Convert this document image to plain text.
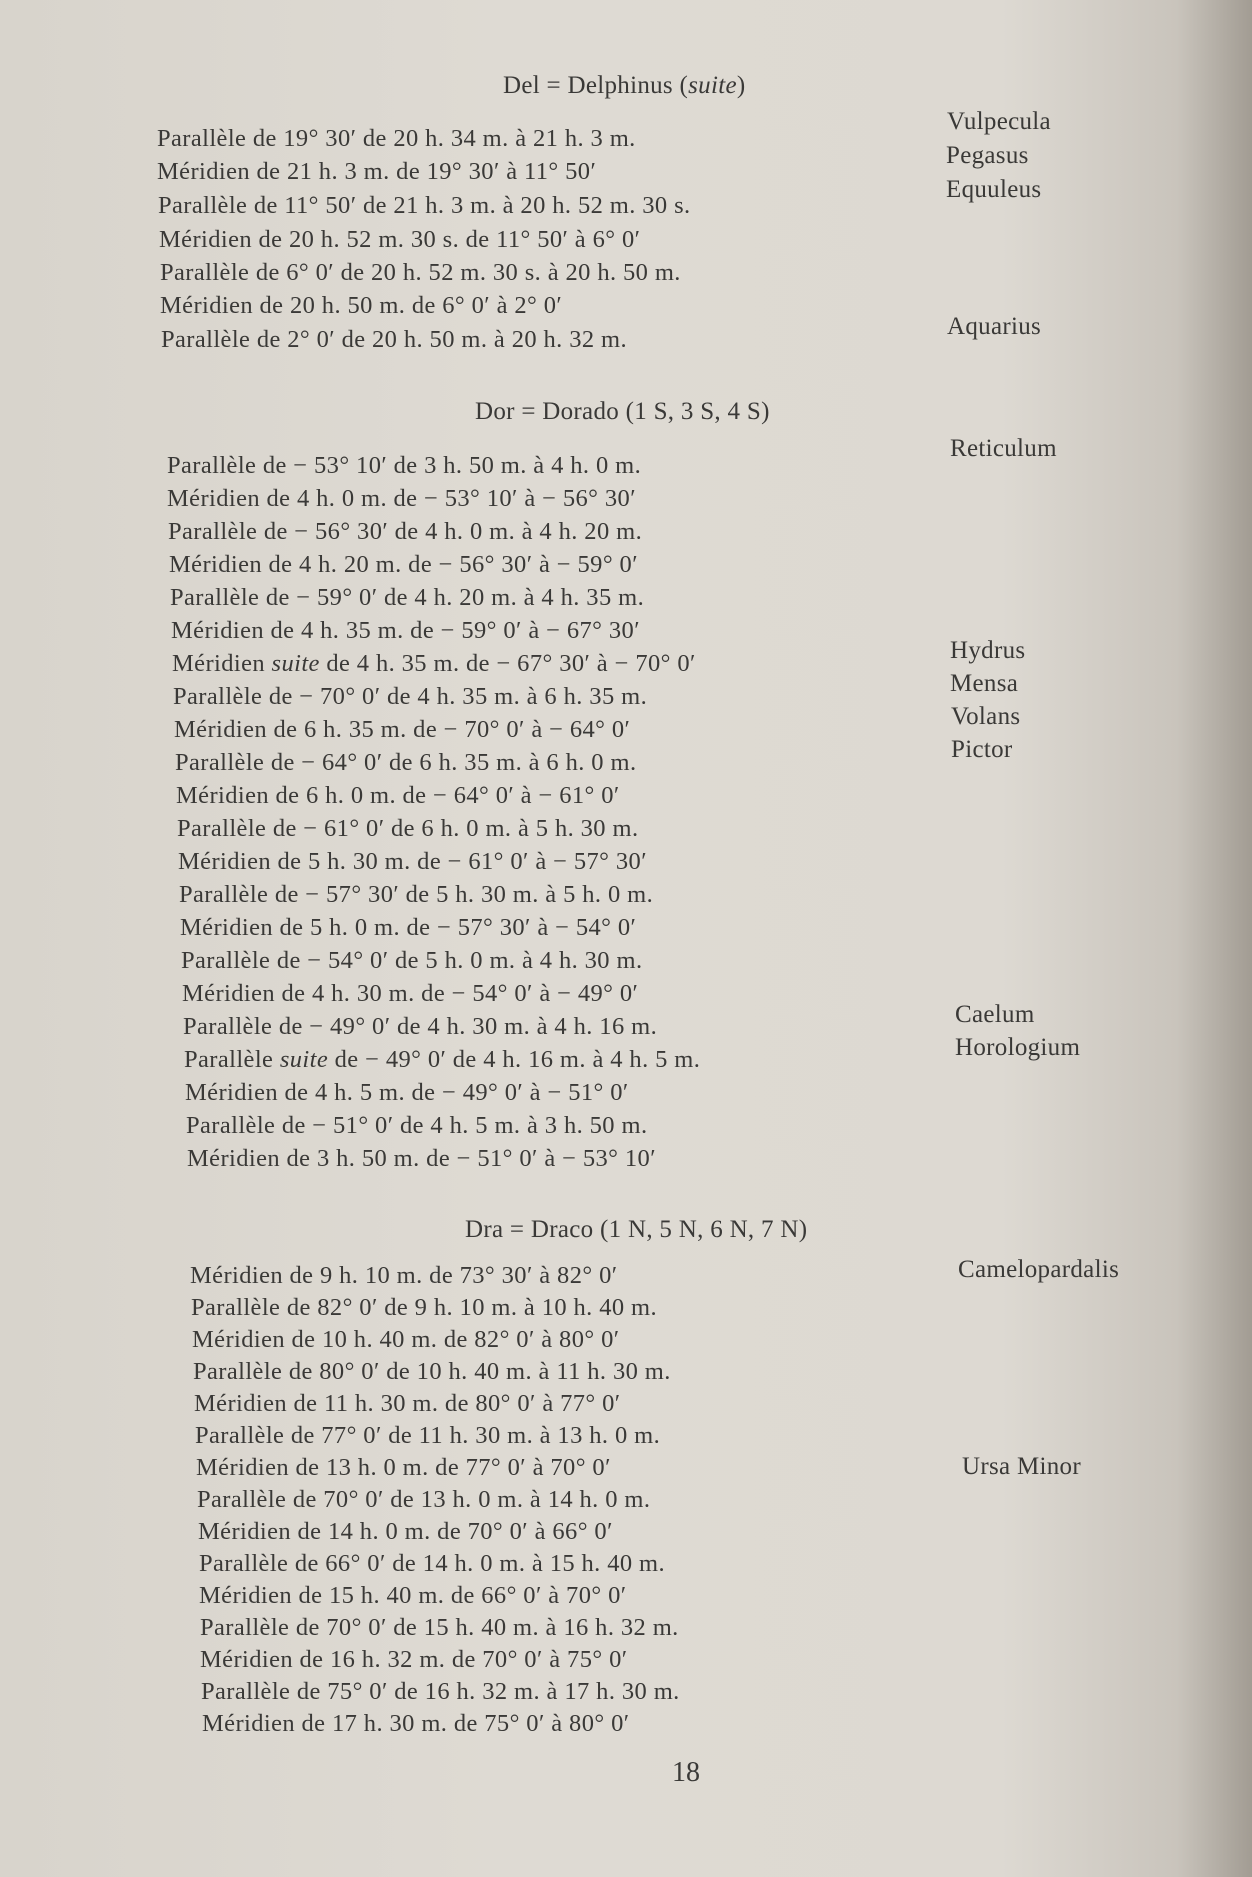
Del = Delphinus (suite)
Parallèle de 19° 30′ de 20 h. 34 m. à 21 h. 3 m.
Méridien de 21 h. 3 m. de 19° 30′ à 11° 50′
Parallèle de 11° 50′ de 21 h. 3 m. à 20 h. 52 m. 30 s.
Méridien de 20 h. 52 m. 30 s. de 11° 50′ à 6° 0′
Parallèle de 6° 0′ de 20 h. 52 m. 30 s. à 20 h. 50 m.
Méridien de 20 h. 50 m. de 6° 0′ à 2° 0′
Parallèle de 2° 0′ de 20 h. 50 m. à 20 h. 32 m.
Vulpecula
Pegasus
Equuleus
Aquarius
Dor = Dorado (1 S, 3 S, 4 S)
Parallèle de − 53° 10′ de 3 h. 50 m. à 4 h. 0 m.
Méridien de 4 h. 0 m. de − 53° 10′ à − 56° 30′
Parallèle de − 56° 30′ de 4 h. 0 m. à 4 h. 20 m.
Méridien de 4 h. 20 m. de − 56° 30′ à − 59° 0′
Parallèle de − 59° 0′ de 4 h. 20 m. à 4 h. 35 m.
Méridien de 4 h. 35 m. de − 59° 0′ à − 67° 30′
Méridien suite de 4 h. 35 m. de − 67° 30′ à − 70° 0′
Parallèle de − 70° 0′ de 4 h. 35 m. à 6 h. 35 m.
Méridien de 6 h. 35 m. de − 70° 0′ à − 64° 0′
Parallèle de − 64° 0′ de 6 h. 35 m. à 6 h. 0 m.
Méridien de 6 h. 0 m. de − 64° 0′ à − 61° 0′
Parallèle de − 61° 0′ de 6 h. 0 m. à 5 h. 30 m.
Méridien de 5 h. 30 m. de − 61° 0′ à − 57° 30′
Parallèle de − 57° 30′ de 5 h. 30 m. à 5 h. 0 m.
Méridien de 5 h. 0 m. de − 57° 30′ à − 54° 0′
Parallèle de − 54° 0′ de 5 h. 0 m. à 4 h. 30 m.
Méridien de 4 h. 30 m. de − 54° 0′ à − 49° 0′
Parallèle de − 49° 0′ de 4 h. 30 m. à 4 h. 16 m.
Parallèle suite de − 49° 0′ de 4 h. 16 m. à 4 h. 5 m.
Méridien de 4 h. 5 m. de − 49° 0′ à − 51° 0′
Parallèle de − 51° 0′ de 4 h. 5 m. à 3 h. 50 m.
Méridien de 3 h. 50 m. de − 51° 0′ à − 53° 10′
Reticulum
Hydrus
Mensa
Volans
Pictor
Caelum
Horologium
Dra = Draco (1 N, 5 N, 6 N, 7 N)
Méridien de 9 h. 10 m. de 73° 30′ à 82° 0′
Parallèle de 82° 0′ de 9 h. 10 m. à 10 h. 40 m.
Méridien de 10 h. 40 m. de 82° 0′ à 80° 0′
Parallèle de 80° 0′ de 10 h. 40 m. à 11 h. 30 m.
Méridien de 11 h. 30 m. de 80° 0′ à 77° 0′
Parallèle de 77° 0′ de 11 h. 30 m. à 13 h. 0 m.
Méridien de 13 h. 0 m. de 77° 0′ à 70° 0′
Parallèle de 70° 0′ de 13 h. 0 m. à 14 h. 0 m.
Méridien de 14 h. 0 m. de 70° 0′ à 66° 0′
Parallèle de 66° 0′ de 14 h. 0 m. à 15 h. 40 m.
Méridien de 15 h. 40 m. de 66° 0′ à 70° 0′
Parallèle de 70° 0′ de 15 h. 40 m. à 16 h. 32 m.
Méridien de 16 h. 32 m. de 70° 0′ à 75° 0′
Parallèle de 75° 0′ de 16 h. 32 m. à 17 h. 30 m.
Méridien de 17 h. 30 m. de 75° 0′ à 80° 0′
Camelopardalis
Ursa Minor
18
